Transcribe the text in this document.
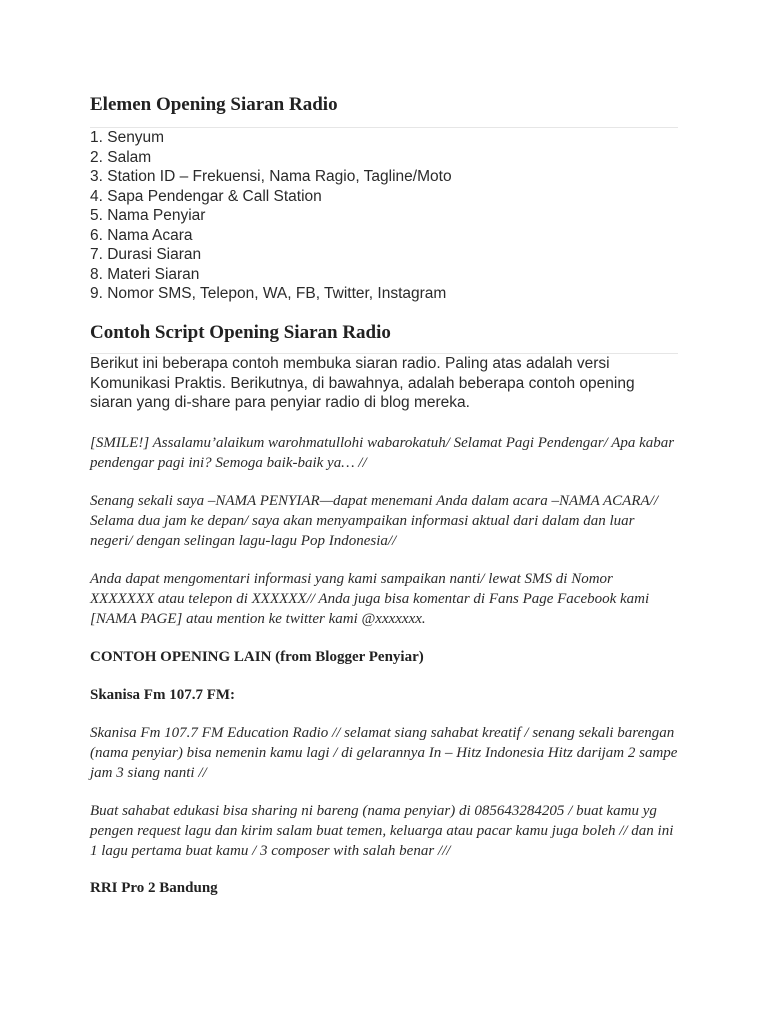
Elemen Opening Siaran Radio
1. Senyum
2. Salam
3. Station ID – Frekuensi, Nama Ragio, Tagline/Moto
4. Sapa Pendengar & Call Station
5. Nama Penyiar
6. Nama Acara
7. Durasi Siaran
8. Materi Siaran
9. Nomor SMS, Telepon, WA, FB, Twitter, Instagram
Contoh Script Opening Siaran Radio

Berikut ini beberapa contoh membuka siaran radio. Paling atas adalah versi Komunikasi Praktis. Berikutnya, di bawahnya, adalah beberapa contoh opening siaran yang di-share para penyiar radio di blog mereka.

[SMILE!] Assalamu’alaikum warohmatullohi wabarokatuh/ Selamat Pagi Pendengar/ Apa kabar pendengar pagi ini? Semoga baik-baik ya… //

Senang sekali saya –NAMA PENYIAR—dapat menemani Anda dalam acara –NAMA ACARA// Selama dua jam ke depan/ saya akan menyampaikan informasi aktual dari dalam dan luar negeri/ dengan selingan lagu-lagu Pop Indonesia//

Anda dapat mengomentari informasi yang kami sampaikan nanti/ lewat SMS di Nomor XXXXXXX atau telepon di XXXXXX// Anda juga bisa komentar di Fans Page Facebook kami [NAMA PAGE] atau mention ke twitter kami @xxxxxxx.

CONTOH OPENING LAIN (from Blogger Penyiar)

Skanisa Fm 107.7 FM:

Skanisa Fm 107.7 FM Education Radio // selamat siang sahabat kreatif / senang sekali barengan (nama penyiar) bisa nemenin kamu lagi / di gelarannya In – Hitz Indonesia Hitz darijam 2 sampe jam 3 siang nanti //

Buat sahabat edukasi bisa sharing ni bareng (nama penyiar) di 085643284205 / buat kamu yg pengen request lagu dan kirim salam buat temen, keluarga atau pacar kamu juga boleh // dan ini 1 lagu pertama buat kamu / 3 composer with salah benar ///

RRI Pro 2 Bandung
